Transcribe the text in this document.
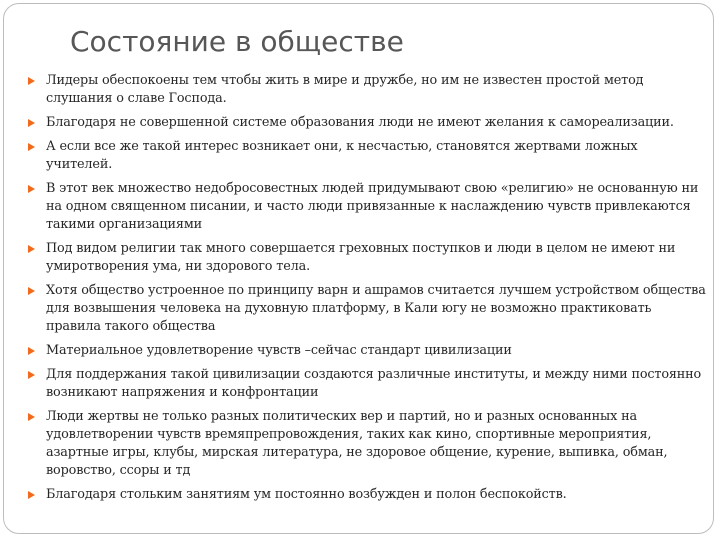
Состояние в обществе
Лидеры обеспокоены тем чтобы жить в мире и дружбе, но им не известен простой метод слушания о славе Господа.
Благодаря не совершенной системе образования люди не имеют желания к самореализации.
А если все же такой интерес возникает они, к несчастью, становятся жертвами ложных учителей.
В этот век множество недобросовестных людей придумывают свою «религию» не основанную ни на одном священном писании, и часто люди привязанные к наслаждению чувств привлекаются такими организациями
Под видом религии так много совершается греховных поступков и люди в целом не имеют ни умиротворения ума, ни здорового тела.
Хотя общество устроенное по принципу варн и ашрамов считается лучшем устройством общества для возвышения человека на духовную платформу, в Кали югу не возможно практиковать правила такого общества
Материальное удовлетворение чувств –сейчас стандарт цивилизации
Для поддержания такой цивилизации создаются различные институты, и между ними постоянно возникают напряжения и конфронтации
Люди жертвы не только разных политических вер и партий, но и разных основанных на удовлетворении чувств времяпрепровождения, таких как кино, спортивные мероприятия, азартные игры, клубы, мирская литература, не здоровое общение, курение, выпивка, обман, воровство, ссоры и тд
Благодаря стольким занятиям ум постоянно возбужден и полон беспокойств.
